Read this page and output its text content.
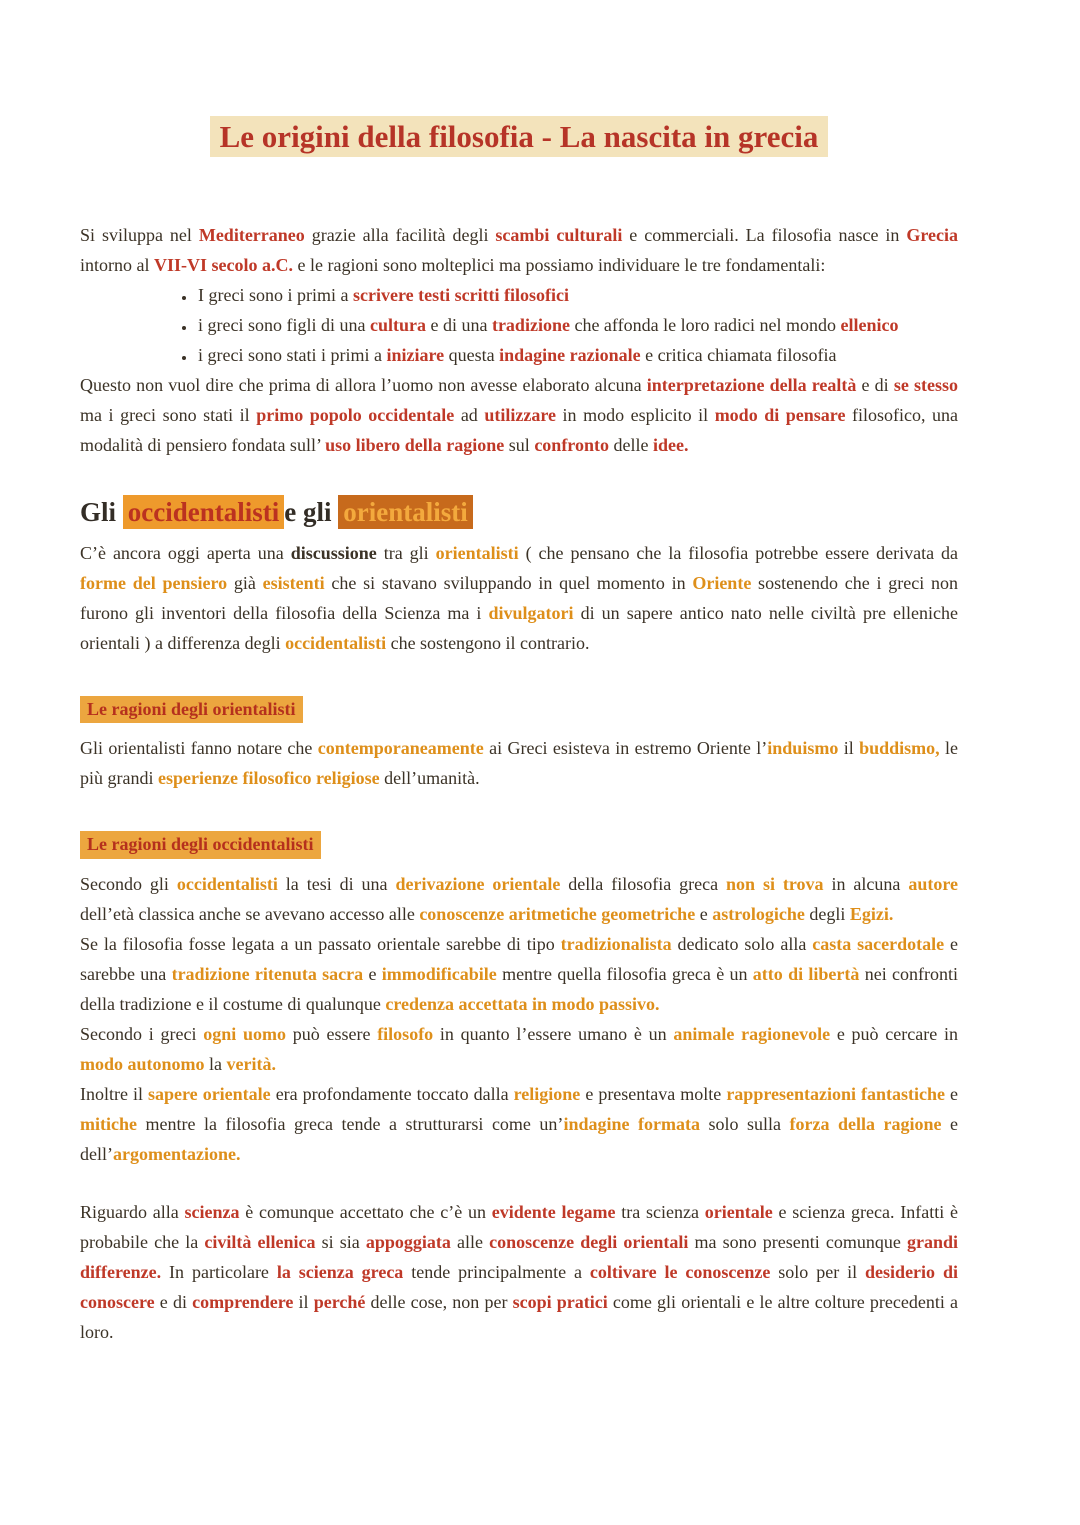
Le origini della filosofia - La nascita in grecia

Si sviluppa nel Mediterraneo grazie alla facilità degli scambi culturali e commerciali. La filosofia nasce in Grecia intorno al VII-VI secolo a.C. e le ragioni sono molteplici ma possiamo individuare le tre fondamentali:

• I greci sono i primi a scrivere testi scritti filosofici
• i greci sono figli di una cultura e di una tradizione che affonda le loro radici nel mondo ellenico
• i greci sono stati i primi a iniziare questa indagine razionale e critica chiamata filosofia

Questo non vuol dire che prima di allora l’uomo non avesse elaborato alcuna interpretazione della realtà e di se stesso ma i greci sono stati il primo popolo occidentale ad utilizzare in modo esplicito il modo di pensare filosofico, una modalità di pensiero fondata sull’ uso libero della ragione sul confronto delle idee.

Gli occidentalisti e gli orientalisti

C’è ancora oggi aperta una discussione tra gli orientalisti ( che pensano che la filosofia potrebbe essere derivata da forme del pensiero già esistenti che si stavano sviluppando in quel momento in Oriente sostenendo che i greci non furono gli inventori della filosofia della Scienza ma i divulgatori di un sapere antico nato nelle civiltà pre elleniche orientali ) a differenza degli occidentalisti che sostengono il contrario.

Le ragioni degli orientalisti

Gli orientalisti fanno notare che contemporaneamente ai Greci esisteva in estremo Oriente l’induismo il buddismo, le più grandi esperienze filosofico religiose dell’umanità.

Le ragioni degli occidentalisti

Secondo gli occidentalisti la tesi di una derivazione orientale della filosofia greca non si trova in alcuna autore dell’età classica anche se avevano accesso alle conoscenze aritmetiche geometriche e astrologiche degli Egizi.

Se la filosofia fosse legata a un passato orientale sarebbe di tipo tradizionalista dedicato solo alla casta sacerdotale e sarebbe una tradizione ritenuta sacra e immodificabile mentre quella filosofia greca è un atto di libertà nei confronti della tradizione e il costume di qualunque credenza accettata in modo passivo.

Secondo i greci ogni uomo può essere filosofo in quanto l’essere umano è un animale ragionevole e può cercare in modo autonomo la verità.

Inoltre il sapere orientale era profondamente toccato dalla religione e presentava molte rappresentazioni fantastiche e mitiche mentre la filosofia greca tende a strutturarsi come un’indagine formata solo sulla forza della ragione e dell’argomentazione.

Riguardo alla scienza è comunque accettato che c’è un evidente legame tra scienza orientale e scienza greca. Infatti è probabile che la civiltà ellenica si sia appoggiata alle conoscenze degli orientali ma sono presenti comunque grandi differenze. In particolare la scienza greca tende principalmente a coltivare le conoscenze solo per il desiderio di conoscere e di comprendere il perché delle cose, non per scopi pratici come gli orientali e le altre colture precedenti a loro.
